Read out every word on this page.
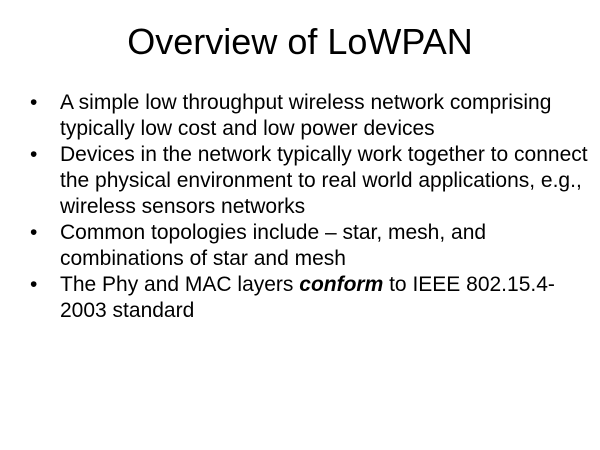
Overview of LoWPAN
•	A simple low throughput wireless network comprising typically low cost and low power devices
•	Devices in the network typically work together to connect the physical environment to real world applications, e.g., wireless sensors networks
•	Common topologies include – star, mesh, and combinations of star and mesh
•	The Phy and MAC layers conform to IEEE 802.15.4-2003 standard
